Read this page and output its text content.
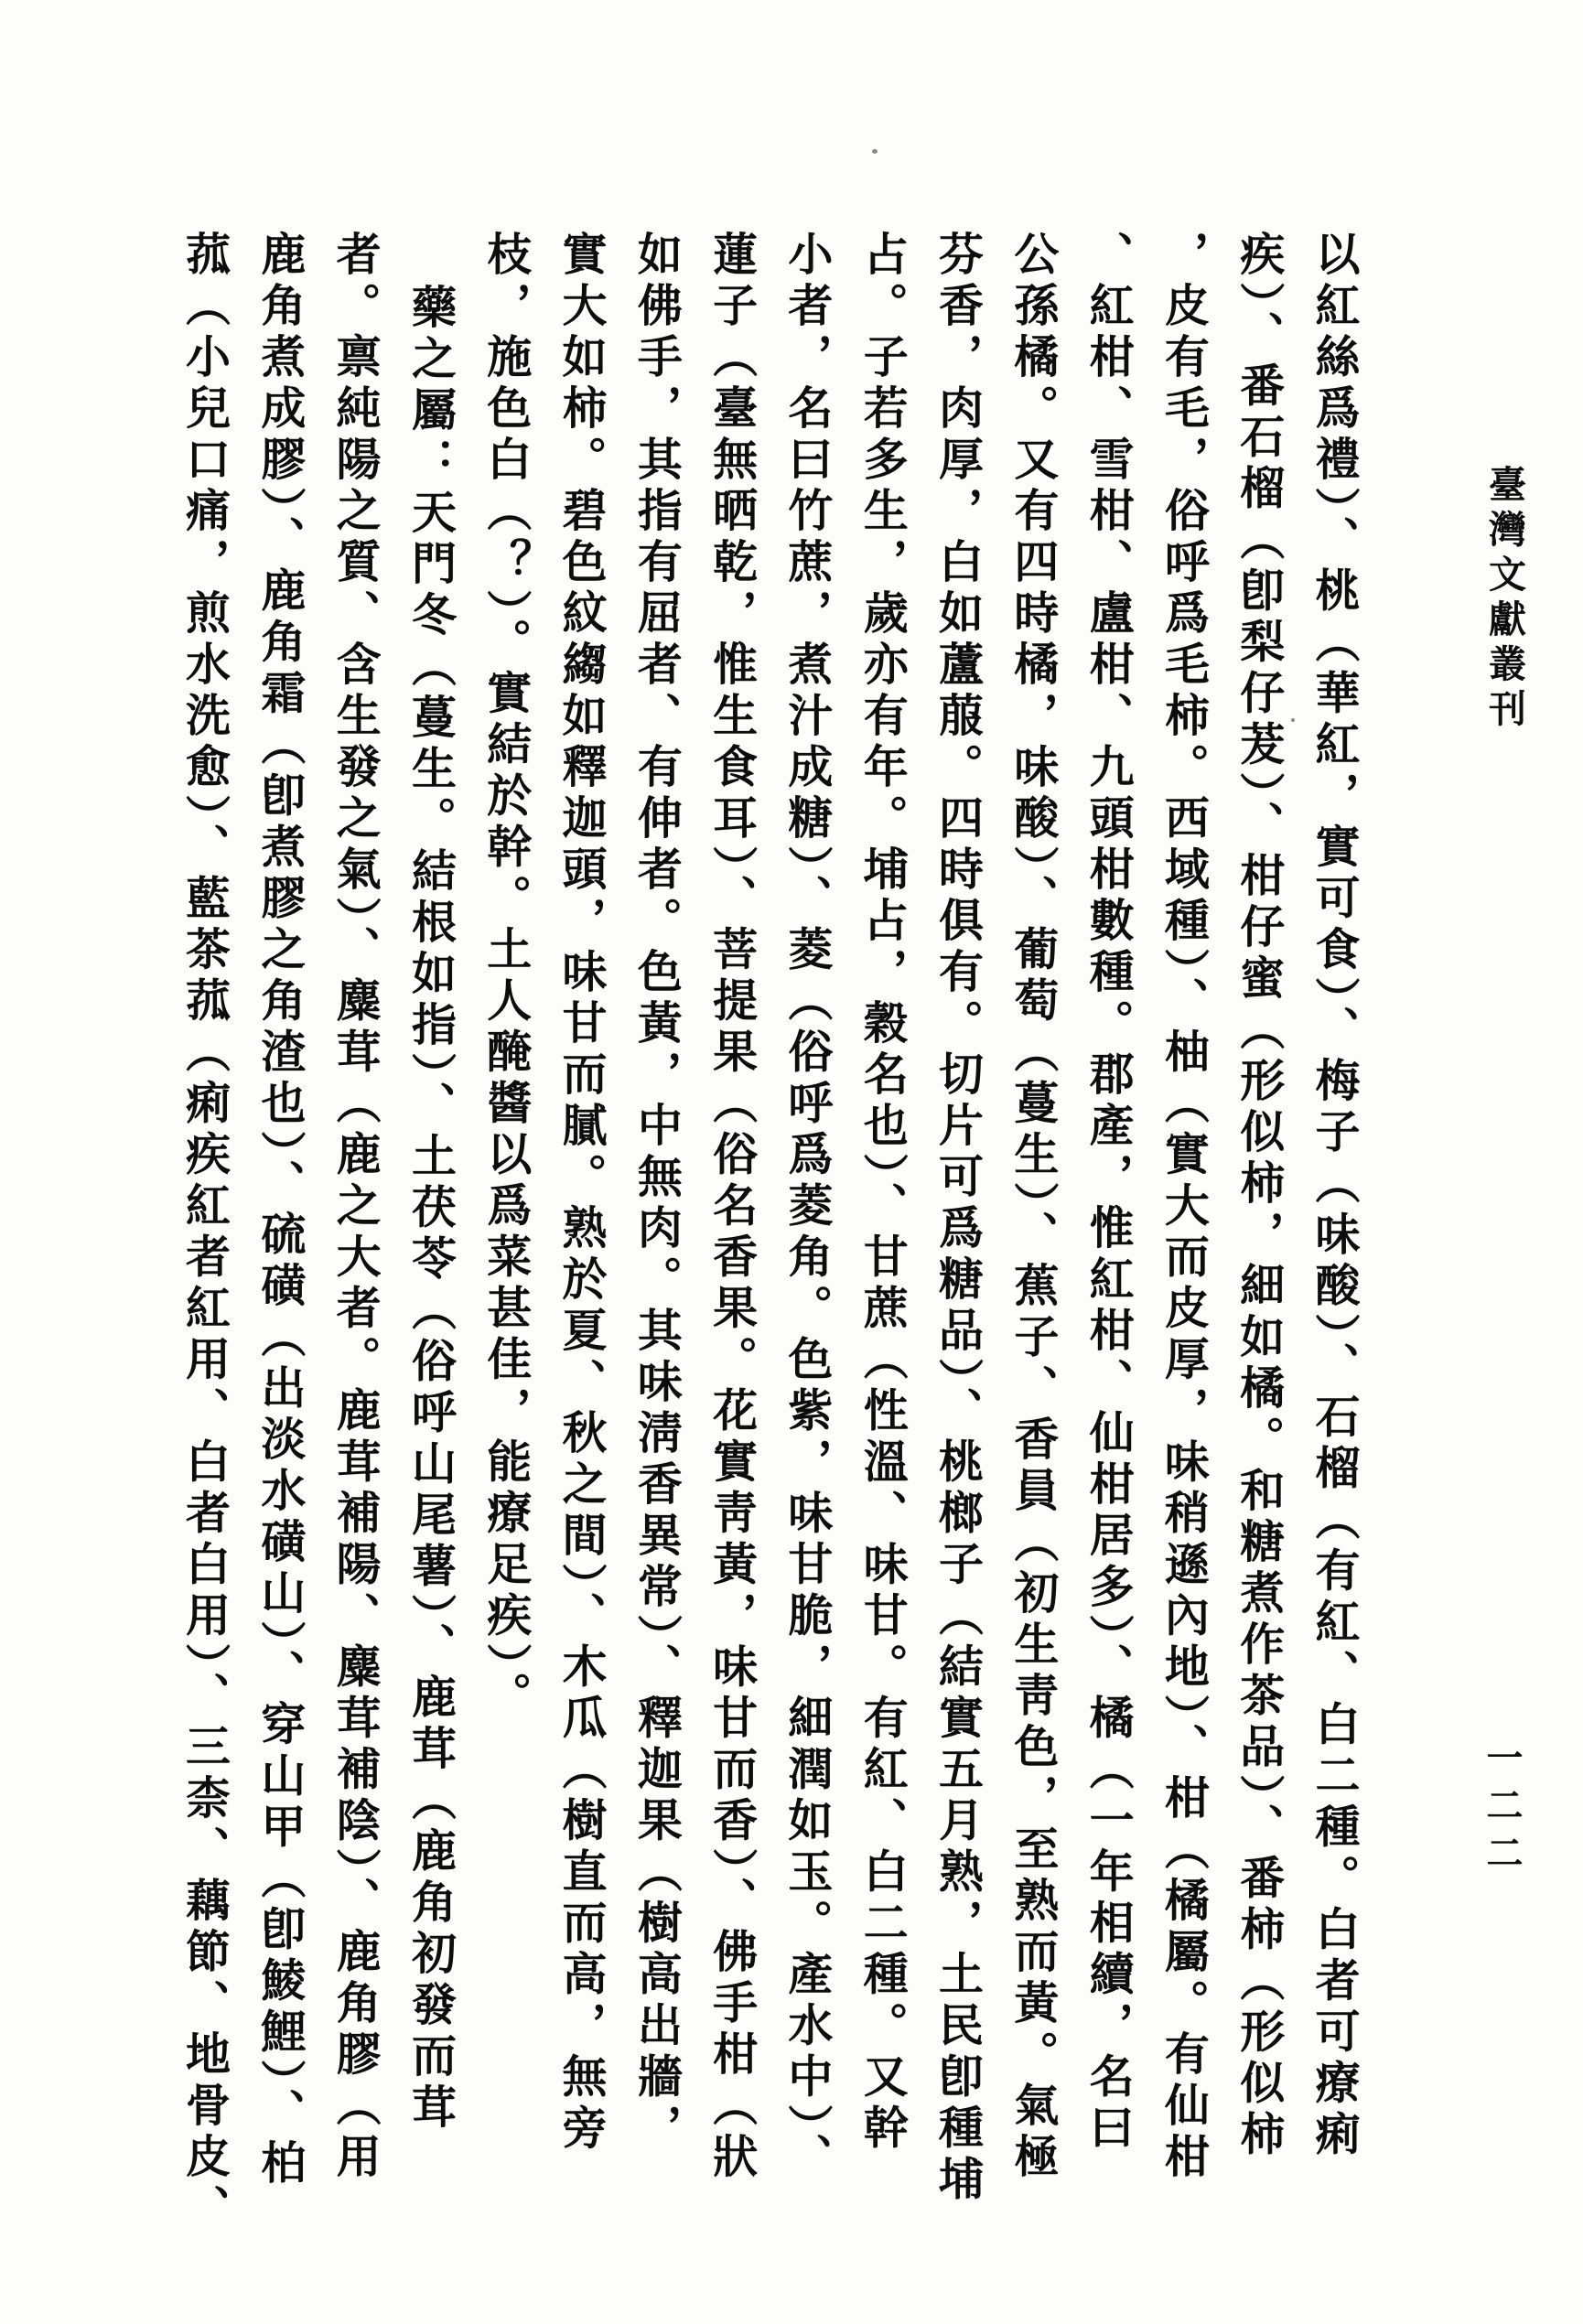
臺灣文獻叢刊
一二二
以紅絲爲禮）、桃（華紅，實可食）、梅子（味酸）、石榴（有紅、白二種。白者可療痢
疾）、番石榴（卽梨仔茇）、柑仔蜜（形似柿，細如橘。和糖煮作茶品）、番柿（形似柿
，皮有毛，俗呼爲毛柿。西域種）、柚（實大而皮厚，味稍遜內地）、柑（橘屬。有仙柑
、紅柑、雪柑、盧柑、九頭柑數種。郡產，惟紅柑、仙柑居多）、橘（一年相續，名曰
公孫橘。又有四時橘，味酸）、葡萄（蔓生）、蕉子、香員（初生靑色，至熟而黃。氣極
芬香，肉厚，白如蘆菔。四時俱有。切片可爲糖品）、桃榔子（結實五月熟，土民卽種埔
占。子若多生，歲亦有年。埔占，穀名也）、甘蔗（性溫、味甘。有紅、白二種。又幹
小者，名曰竹蔗，煮汁成糖）、菱（俗呼爲菱角。色紫，味甘脆，細潤如玉。產水中）、
蓮子（臺無晒乾，惟生食耳）、菩提果（俗名香果。花實靑黃，味甘而香）、佛手柑（狀
如佛手，其指有屈者、有伸者。色黃，中無肉。其味淸香異常）、釋迦果（樹高出牆，
實大如柿。碧色紋縐如釋迦頭，味甘而膩。熟於夏、秋之間）、木瓜（樹直而高，無旁
枝，施色白（？）。實結於幹。土人醃醬以爲菜甚佳，能療足疾）。
藥之屬：天門冬（蔓生。結根如指）、土茯苓（俗呼山尾薯）、鹿茸（鹿角初發而茸
者。禀純陽之質、含生發之氣）、麋茸（鹿之大者。鹿茸補陽、麋茸補陰）、鹿角膠（用
鹿角煮成膠）、鹿角霜（卽煮膠之角渣也）、硫磺（出淡水磺山）、穿山甲（卽鯪鯉）、柏
菰（小兒口痛，煎水洗愈）、藍茶菰（痢疾紅者紅用、白者白用）、三柰、藕節、地骨皮、
